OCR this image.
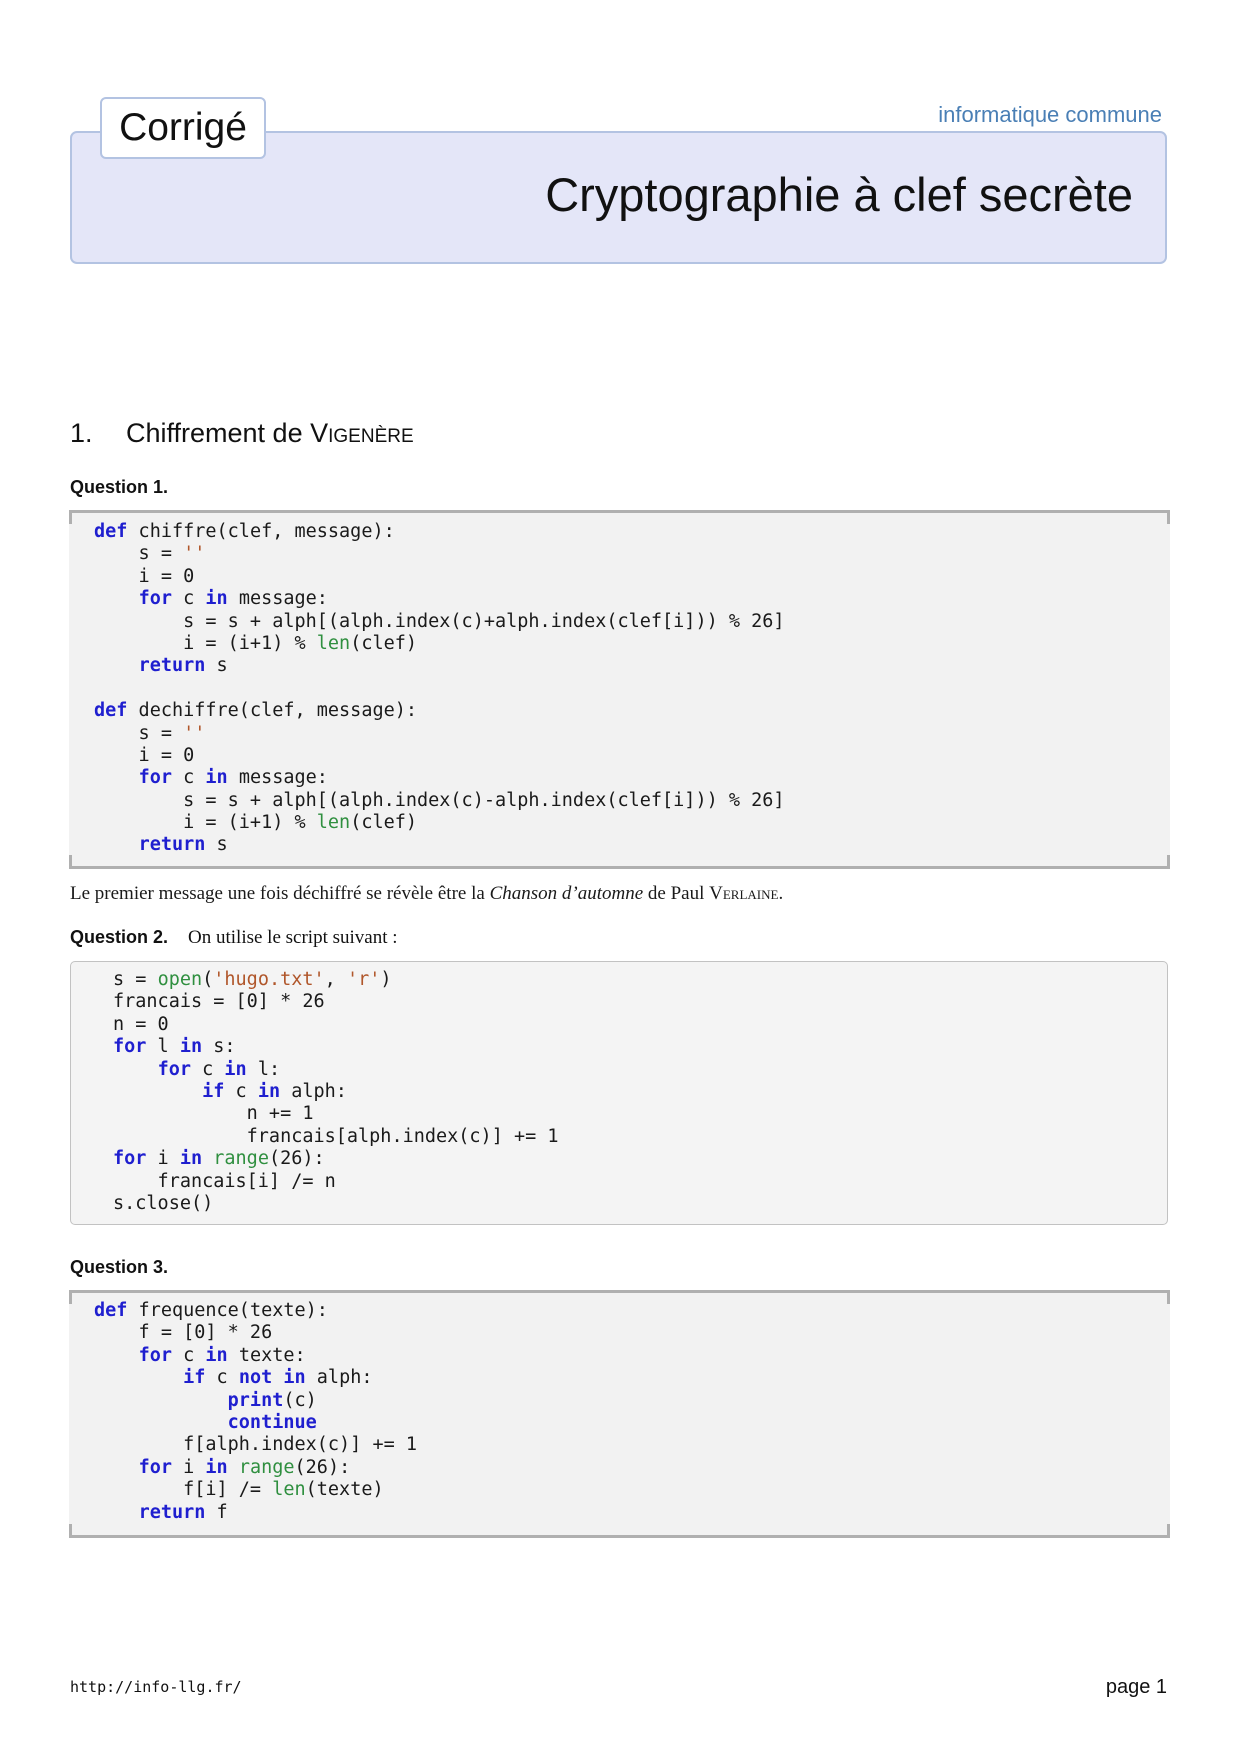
informatique commune
Cryptographie à clef secrète
Corrigé
1. Chiffrement de Vigenère
Question 1.
def chiffre(clef, message):
s = ''
i = 0
for c in message:
s = s + alph[(alph.index(c)+alph.index(clef[i])) % 26]
i = (i+1) % len(clef)
return s
def dechiffre(clef, message):
s = ''
i = 0
for c in message:
s = s + alph[(alph.index(c)-alph.index(clef[i])) % 26]
i = (i+1) % len(clef)
return s
Le premier message une fois déchiffré se révèle être la Chanson d’automne de Paul Verlaine.
Question 2. On utilise le script suivant :
s = open('hugo.txt', 'r')
francais = [0] * 26
n = 0
for l in s:
for c in l:
if c in alph:
n += 1
francais[alph.index(c)] += 1
for i in range(26):
francais[i] /= n
s.close()
Question 3.
def frequence(texte):
f = [0] * 26
for c in texte:
if c not in alph:
print(c)
continue
f[alph.index(c)] += 1
for i in range(26):
f[i] /= len(texte)
return f
http://info-llg.fr/	page 1
